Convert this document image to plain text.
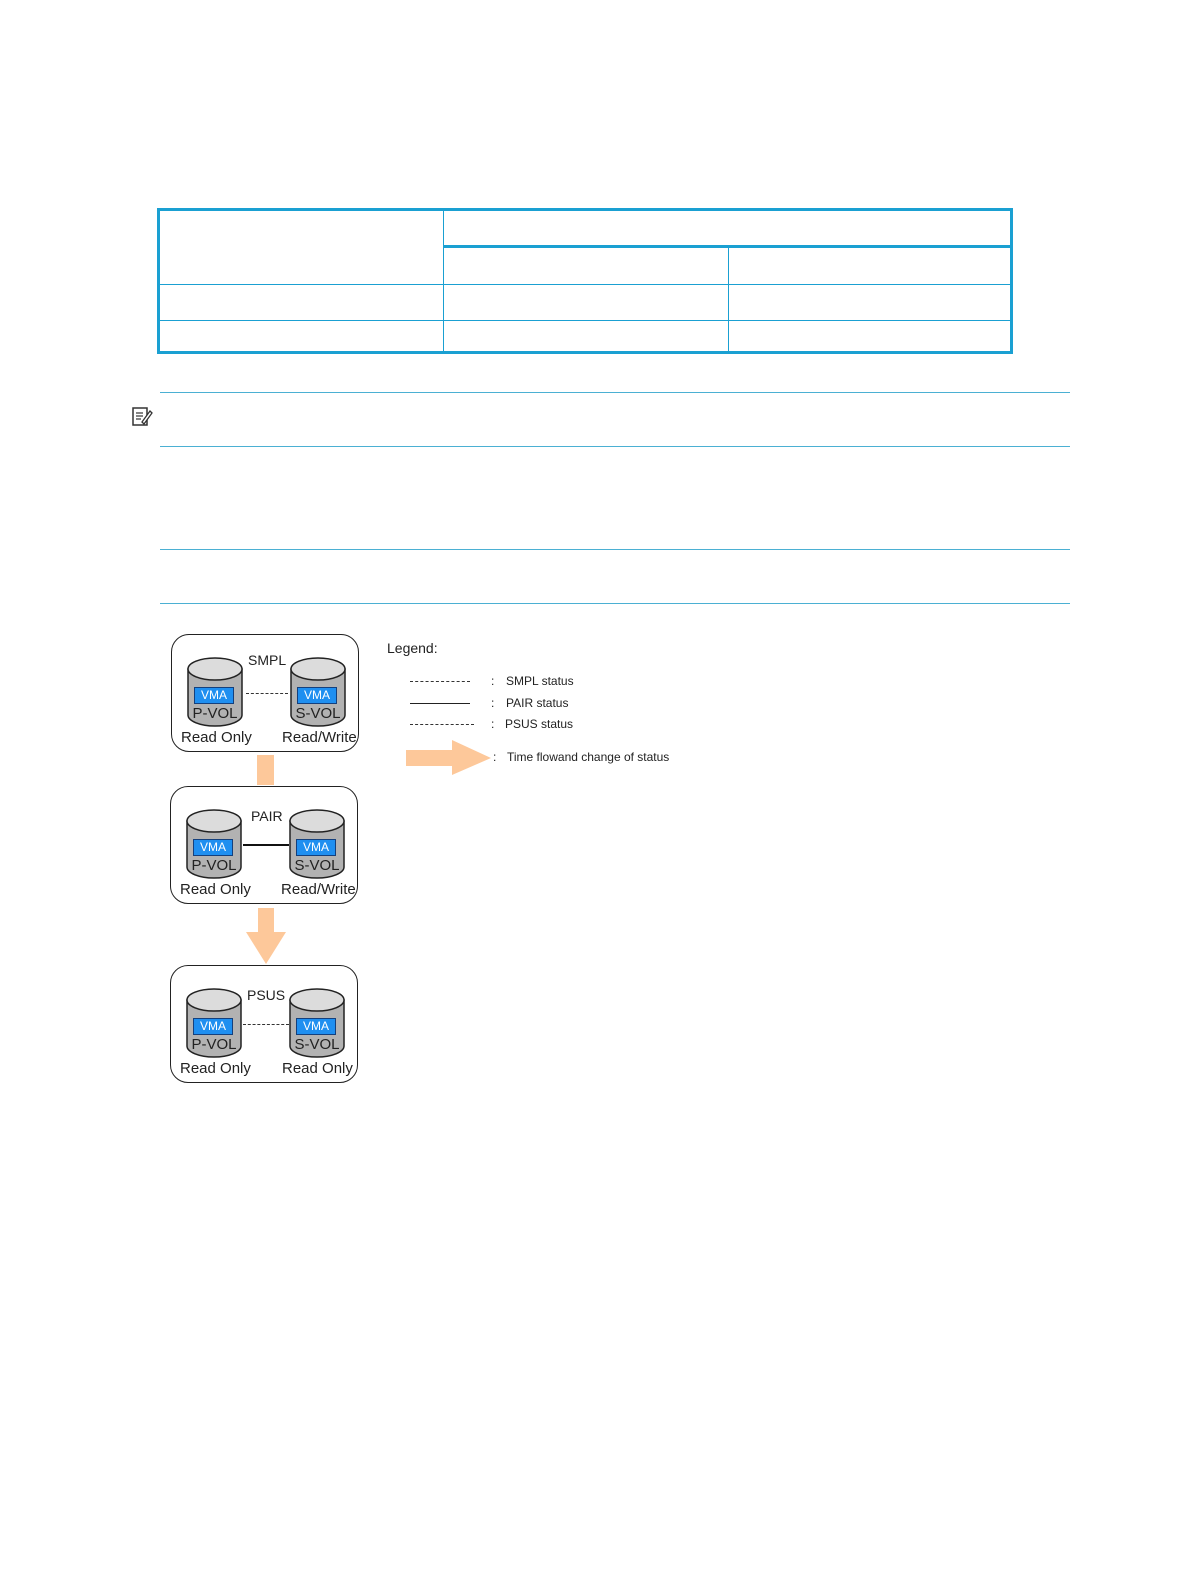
VMA
P-VOL
SMPL
VMA
S-VOL
Read Only Read/Write
VMA
P-VOL
PAIR
VMA
S-VOL
Read Only Read/Write
VMA
P-VOL
PSUS
VMA
S-VOL
Read Only Read Only
Legend:
: SMPL status
: PAIR status
: PSUS status
: Time flowand change of status
